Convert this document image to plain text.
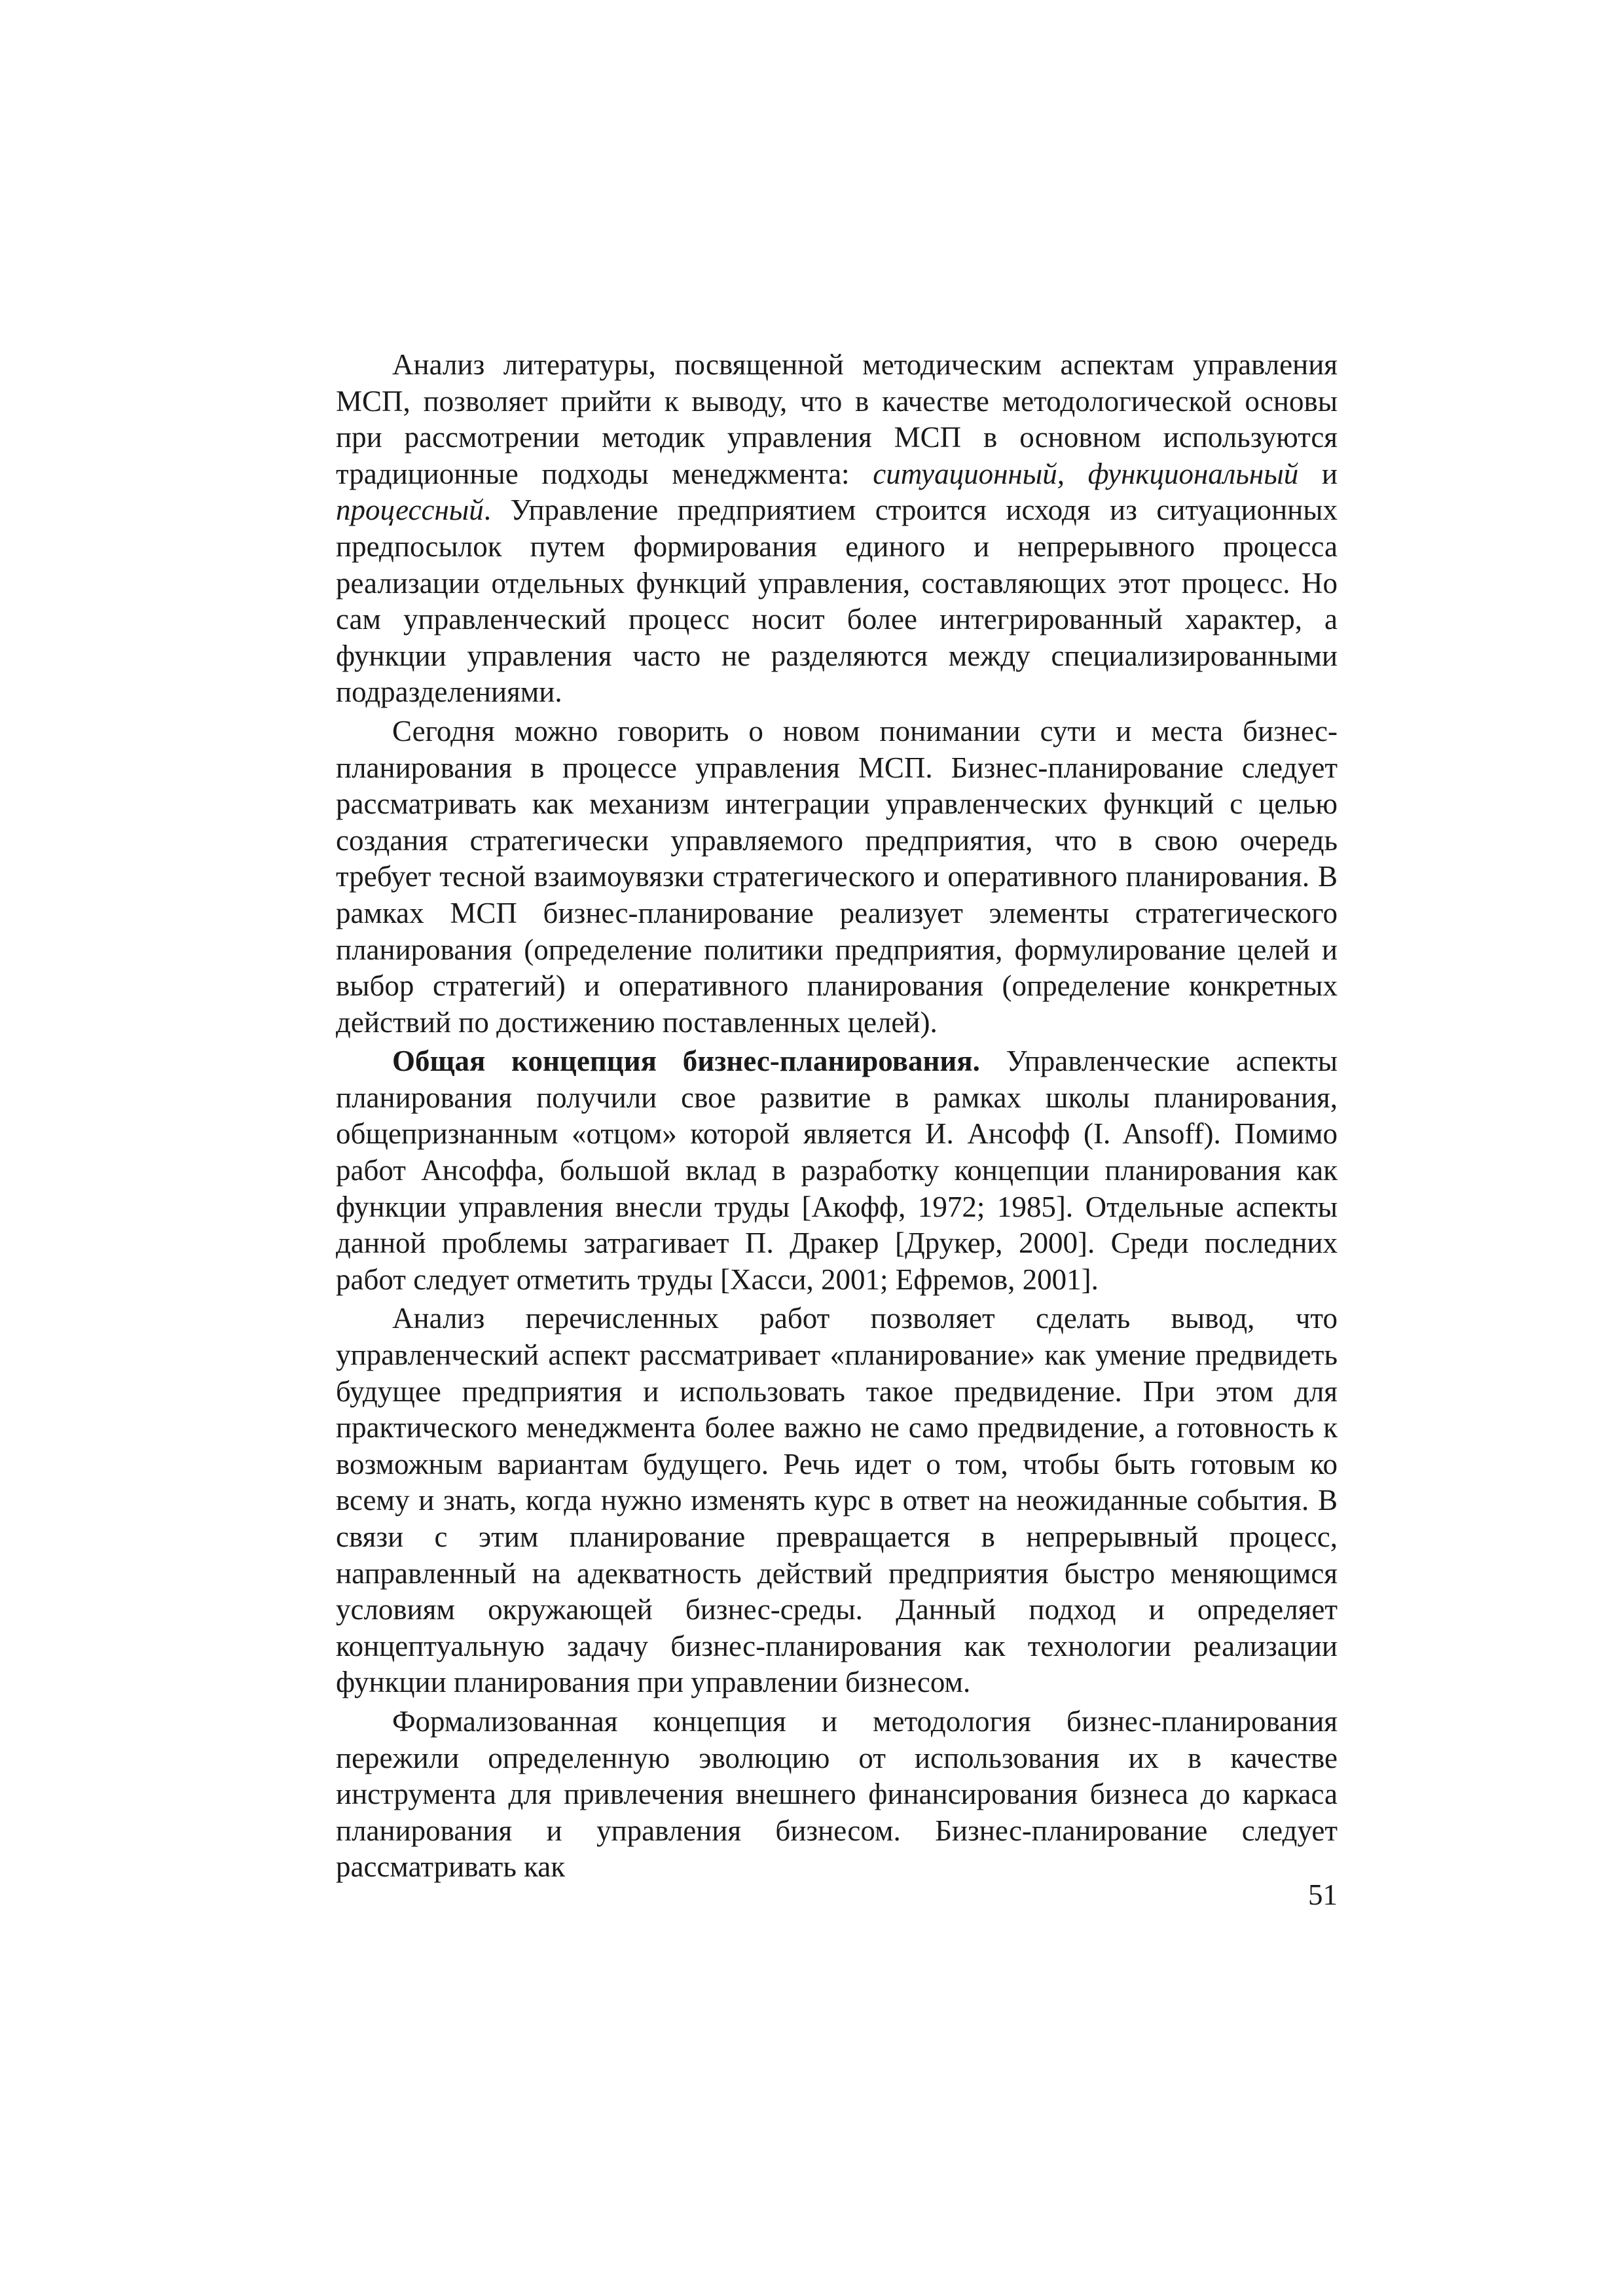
Анализ литературы, посвященной методическим аспектам управления МСП, позволяет прийти к выводу, что в качестве методологической основы при рассмотрении методик управления МСП в основном используются традиционные подходы менеджмента: ситуационный, функциональный и процессный. Управление предприятием строится исходя из ситуационных предпосылок путем формирования единого и непрерывного процесса реализации отдельных функций управления, составляющих этот процесс. Но сам управленческий процесс носит более интегрированный характер, а функции управления часто не разделяются между специализированными подразделениями.

Сегодня можно говорить о новом понимании сути и места бизнес-планирования в процессе управления МСП. Бизнес-планирование следует рассматривать как механизм интеграции управленческих функций с целью создания стратегически управляемого предприятия, что в свою очередь требует тесной взаимоувязки стратегического и оперативного планирования. В рамках МСП бизнес-планирование реализует элементы стратегического планирования (определение политики предприятия, формулирование целей и выбор стратегий) и оперативного планирования (определение конкретных действий по достижению поставленных целей).

Общая концепция бизнес-планирования. Управленческие аспекты планирования получили свое развитие в рамках школы планирования, общепризнанным «отцом» которой является И. Ансофф (I. Ansoff). Помимо работ Ансоффа, большой вклад в разработку концепции планирования как функции управления внесли труды [Акофф, 1972; 1985]. Отдельные аспекты данной проблемы затрагивает П. Дракер [Друкер, 2000]. Среди последних работ следует отметить труды [Хасси, 2001; Ефремов, 2001].

Анализ перечисленных работ позволяет сделать вывод, что управленческий аспект рассматривает «планирование» как умение предвидеть будущее предприятия и использовать такое предвидение. При этом для практического менеджмента более важно не само предвидение, а готовность к возможным вариантам будущего. Речь идет о том, чтобы быть готовым ко всему и знать, когда нужно изменять курс в ответ на неожиданные события. В связи с этим планирование превращается в непрерывный процесс, направленный на адекватность действий предприятия быстро меняющимся условиям окружающей бизнес-среды. Данный подход и определяет концептуальную задачу бизнес-планирования как технологии реализации функции планирования при управлении бизнесом.

Формализованная концепция и методология бизнес-планирования пережили определенную эволюцию от использования их в качестве инструмента для привлечения внешнего финансирования бизнеса до каркаса планирования и управления бизнесом. Бизнес-планирование следует рассматривать как

51
